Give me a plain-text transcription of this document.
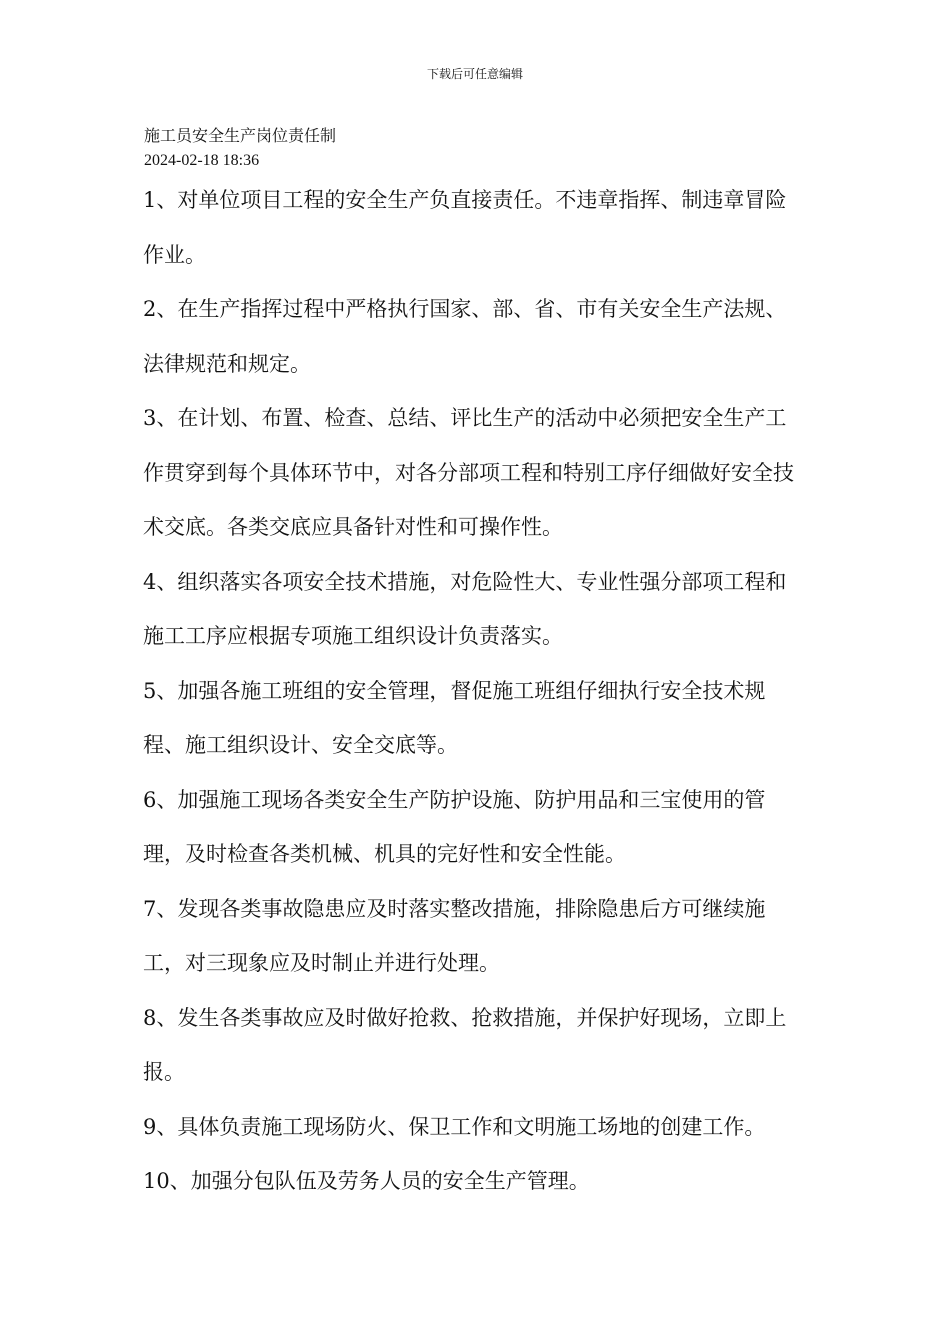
下载后可任意编辑
施工员安全生产岗位责任制
2024-02-18 18:36
1、对单位项目工程的安全生产负直接责任。不违章指挥、制违章冒险作业。
2、在生产指挥过程中严格执行国家、部、省、市有关安全生产法规、法律规范和规定。
3、在计划、布置、检查、总结、评比生产的活动中必须把安全生产工作贯穿到每个具体环节中，对各分部项工程和特别工序仔细做好安全技术交底。各类交底应具备针对性和可操作性。
4、组织落实各项安全技术措施，对危险性大、专业性强分部项工程和施工工序应根据专项施工组织设计负责落实。
5、加强各施工班组的安全管理，督促施工班组仔细执行安全技术规程、施工组织设计、安全交底等。
6、加强施工现场各类安全生产防护设施、防护用品和三宝使用的管理，及时检查各类机械、机具的完好性和安全性能。
7、发现各类事故隐患应及时落实整改措施，排除隐患后方可继续施工，对三现象应及时制止并进行处理。
8、发生各类事故应及时做好抢救、抢救措施，并保护好现场，立即上报。
9、具体负责施工现场防火、保卫工作和文明施工场地的创建工作。
10、加强分包队伍及劳务人员的安全生产管理。
